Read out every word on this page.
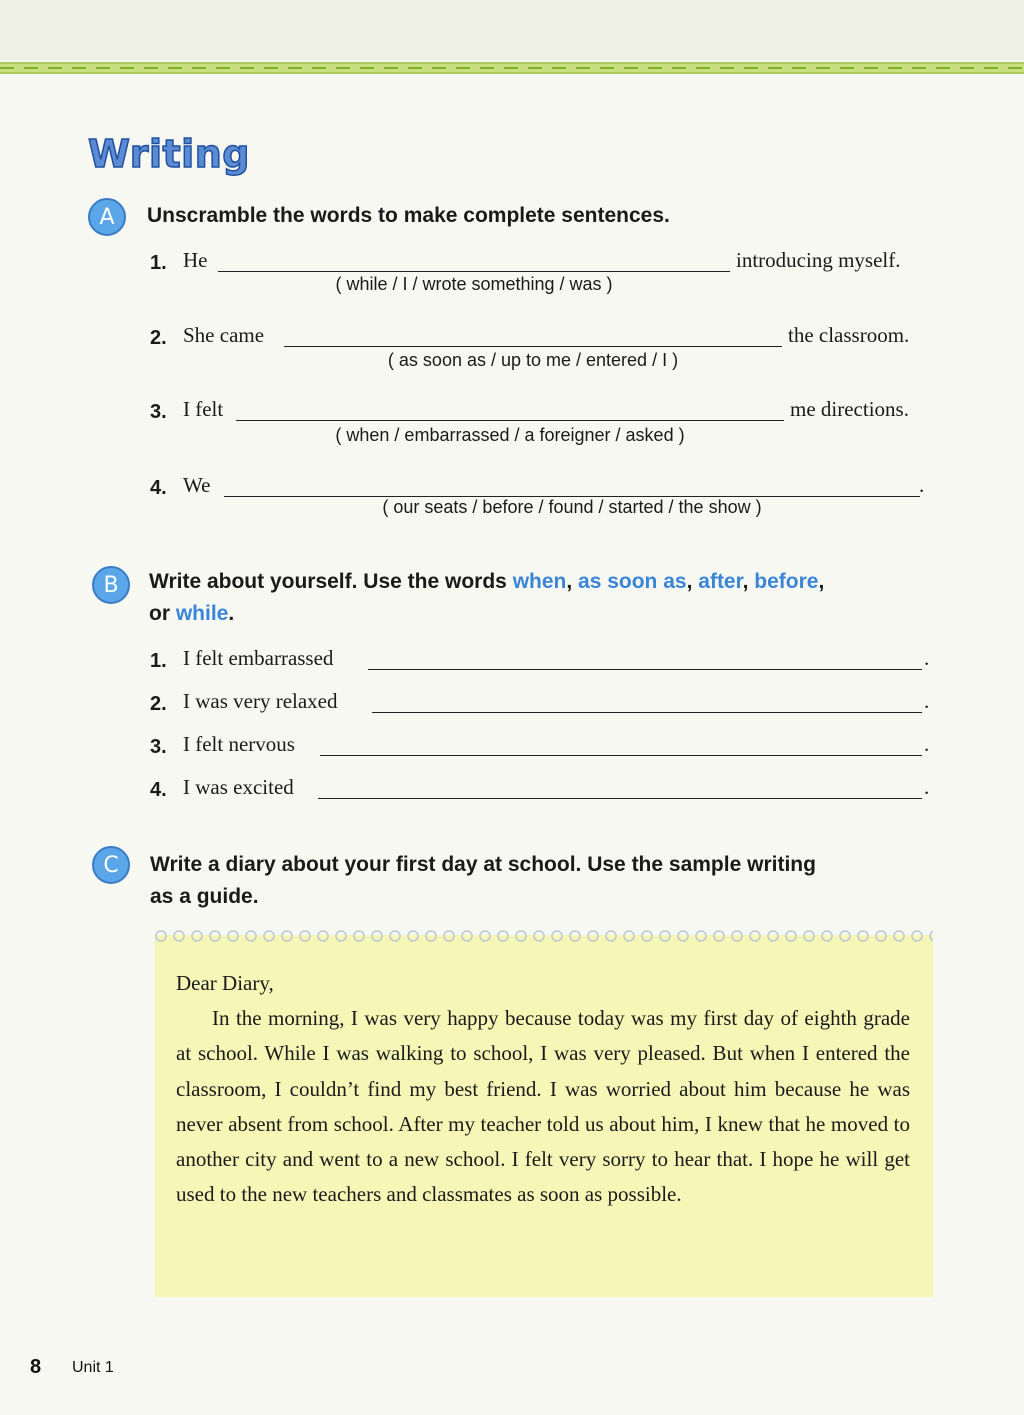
Writing
A	Unscramble the words to make complete sentences.
1. He	introducing myself.
( while / I / wrote something / was )
2. She came	the classroom.
( as soon as / up to me / entered / I )
3. I felt	me directions.
( when / embarrassed / a foreigner / asked )
4. We	.
( our seats / before / found / started / the show )
B	Write about yourself. Use the words when, as soon as, after, before,
or while.
1. I felt embarrassed	.
2. I was very relaxed	.
3. I felt nervous	.
4. I was excited	.
C	Write a diary about your first day at school. Use the sample writing
as a guide.
Dear Diary,

In the morning, I was very happy because today was my first day of eighth grade at school. While I was walking to school, I was very pleased. But when I entered the classroom, I couldn’t find my best friend. I was worried about him because he was never absent from school. After my teacher told us about him, I knew that he moved to another city and went to a new school. I felt very sorry to hear that. I hope he will get used to the new teachers and classmates as soon as possible.

8 Unit 1
